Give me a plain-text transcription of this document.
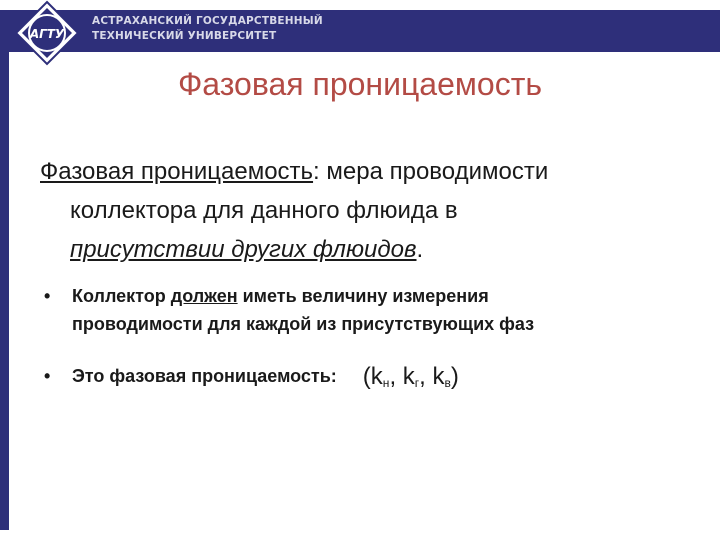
АГТУ
АСТРАХАНСКИЙ ГОСУДАРСТВЕННЫЙ
ТЕХНИЧЕСКИЙ УНИВЕРСИТЕТ
Фазовая проницаемость
Фазовая проницаемость: мера проводимости
коллектора для данного флюида в
присутствии других флюидов.
• Коллектор должен иметь величину измерения
проводимости для каждой из присутствующих фаз
• Это фазовая проницаемость: ($k_н$, $k_г$, $k_в$)
